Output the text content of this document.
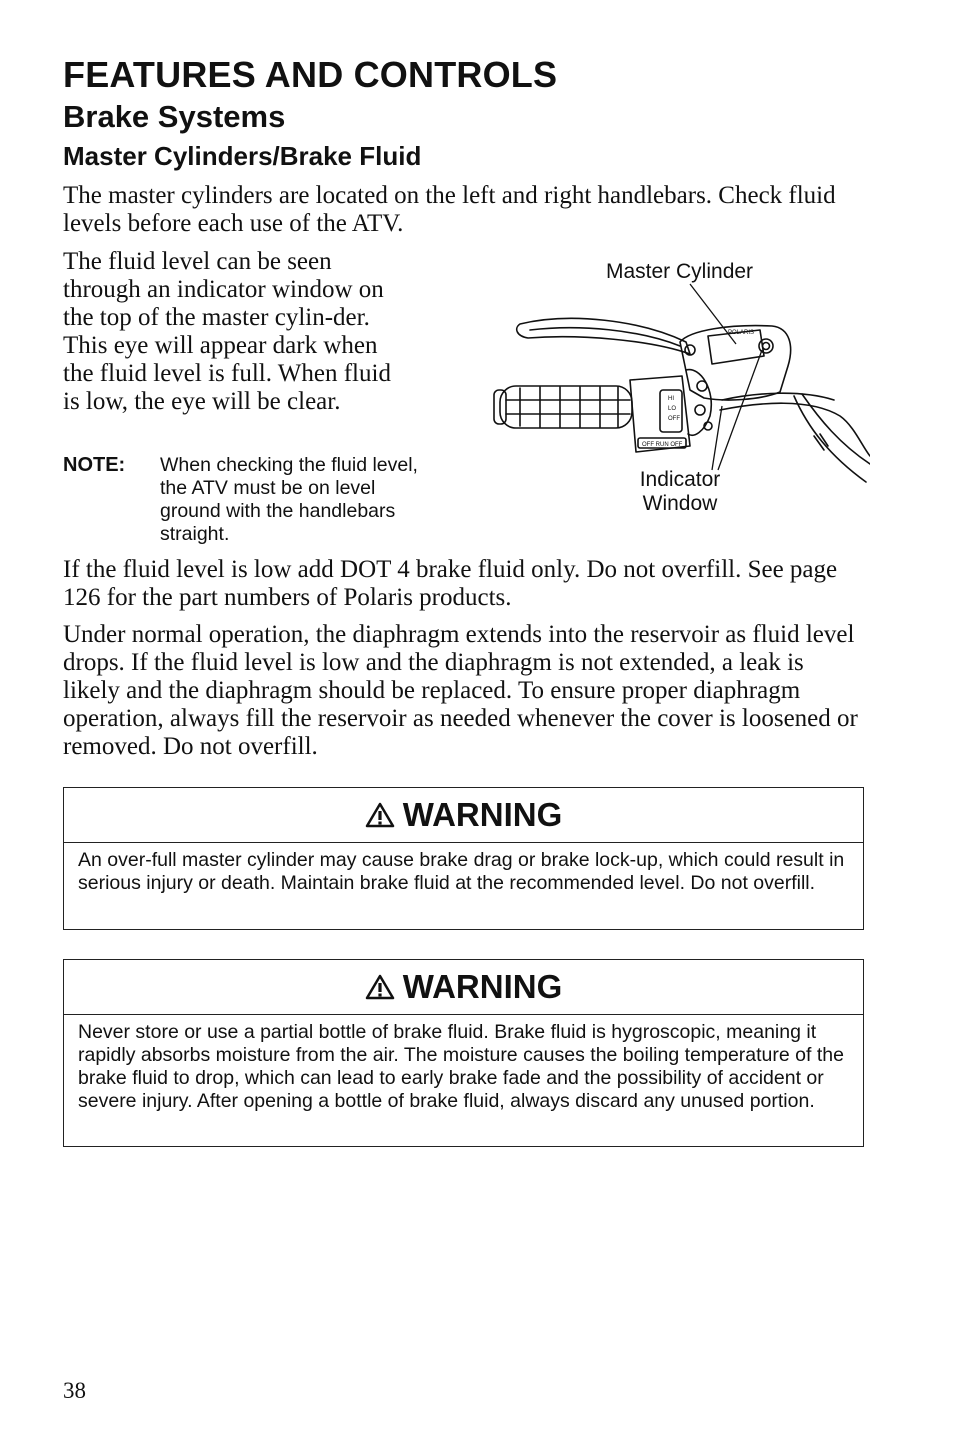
FEATURES AND CONTROLS
Brake Systems
Master Cylinders/Brake Fluid

The master cylinders are located on the left and right handlebars. Check fluid levels before each use of the ATV.

The fluid level can be seen through an indicator window on the top of the master cylin-der. This eye will appear dark when the fluid level is full. When fluid is low, the eye will be clear.

NOTE: When checking the fluid level, the ATV must be on level ground with the handlebars straight.
HI
LO
OFF
OFF RUN OFF
POLARIS
Master Cylinder
Indicator
Window

If the fluid level is low add DOT 4 brake fluid only. Do not overfill. See page 126 for the part numbers of Polaris products.

Under normal operation, the diaphragm extends into the reservoir as fluid level drops. If the fluid level is low and the diaphragm is not extended, a leak is likely and the diaphragm should be replaced. To ensure proper diaphragm operation, always fill the reservoir as needed whenever the cover is loosened or removed. Do not overfill.

WARNING
An over-full master cylinder may cause brake drag or brake lock-up, which could result in serious injury or death. Maintain brake fluid at the recommended level. Do not overfill.
WARNING
Never store or use a partial bottle of brake fluid. Brake fluid is hygroscopic, meaning it rapidly absorbs moisture from the air. The moisture causes the boiling temperature of the brake fluid to drop, which can lead to early brake fade and the possibility of accident or severe injury. After opening a bottle of brake fluid, always discard any unused portion.
38
